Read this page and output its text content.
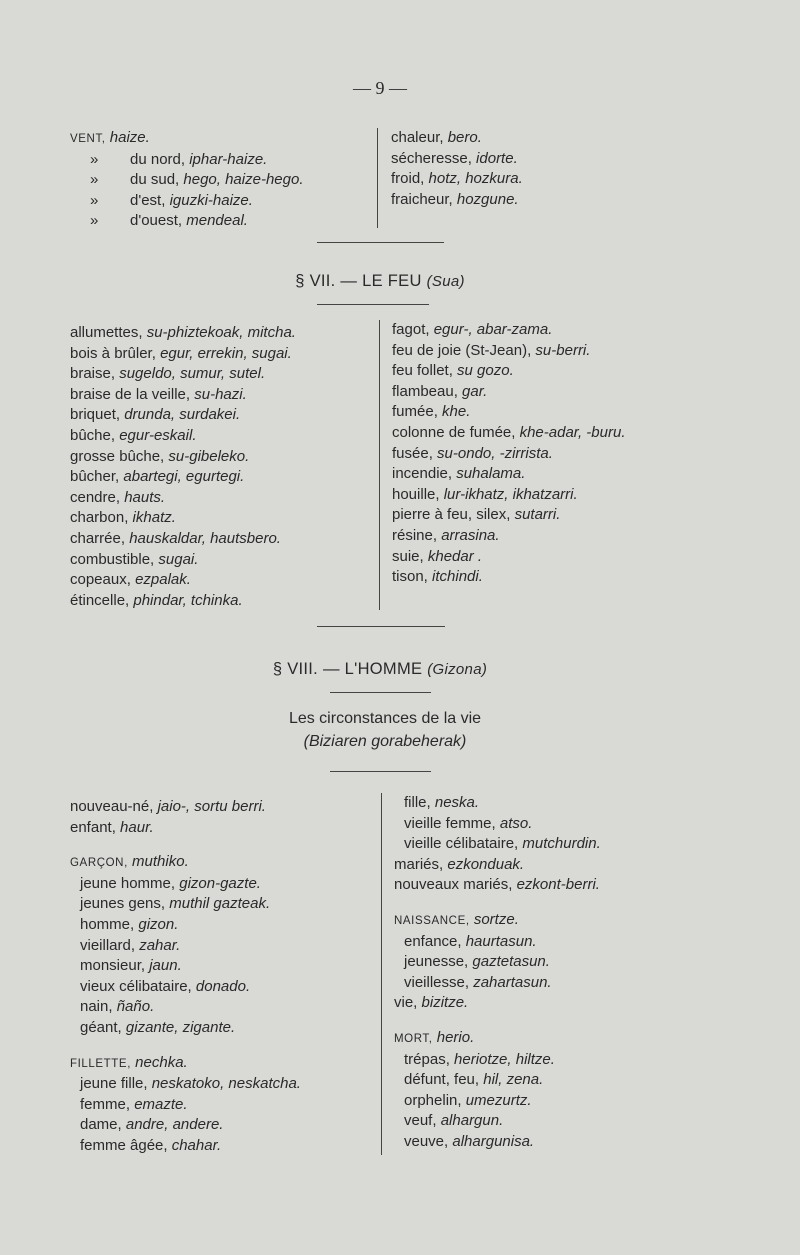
— 9 —
VENT, haize.
» du nord, iphar-haize.
» du sud, hego, haize-hego.
» d'est, iguzki-haize.
» d'ouest, mendeal.
chaleur, bero.
sécheresse, idorte.
froid, hotz, hozkura.
fraicheur, hozgune.
§ VII. — LE FEU (Sua)
allumettes, su-phiztekoak, mitcha.
bois à brûler, egur, errekin, sugai.
braise, sugeldo, sumur, sutel.
braise de la veille, su-hazi.
briquet, drunda, surdakei.
bûche, egur-eskail.
grosse bûche, su-gibeleko.
bûcher, abartegi, egurtegi.
cendre, hauts.
charbon, ikhatz.
charrée, hauskaldar, hautsbero.
combustible, sugai.
copeaux, ezpalak.
étincelle, phindar, tchinka.
fagot, egur-, abar-zama.
feu de joie (St-Jean), su-berri.
feu follet, su gozo.
flambeau, gar.
fumée, khe.
colonne de fumée, khe-adar, -buru.
fusée, su-ondo, -zirrista.
incendie, suhalama.
houille, lur-ikhatz, ikhatzarri.
pierre à feu, silex, sutarri.
résine, arrasina.
suie, khedar .
tison, itchindi.
§ VIII. — L'HOMME (Gizona)
Les circonstances de la vie
(Biziaren gorabeherak)
nouveau-né, jaio-, sortu berri.
enfant, haur.
GARÇON, muthiko.
jeune homme, gizon-gazte.
jeunes gens, muthil gazteak.
homme, gizon.
vieillard, zahar.
monsieur, jaun.
vieux célibataire, donado.
nain, ñaño.
géant, gizante, zigante.
FILLETTE, nechka.
jeune fille, neskatoko, neskatcha.
femme, emazte.
dame, andre, andere.
femme âgée, chahar.
fille, neska.
vieille femme, atso.
vieille célibataire, mutchurdin.
mariés, ezkonduak.
nouveaux mariés, ezkont-berri.
NAISSANCE, sortze.
enfance, haurtasun.
jeunesse, gaztetasun.
vieillesse, zahartasun.
vie, bizitze.
MORT, herio.
trépas, heriotze, hiltze.
défunt, feu, hil, zena.
orphelin, umezurtz.
veuf, alhargun.
veuve, alhargunisa.
